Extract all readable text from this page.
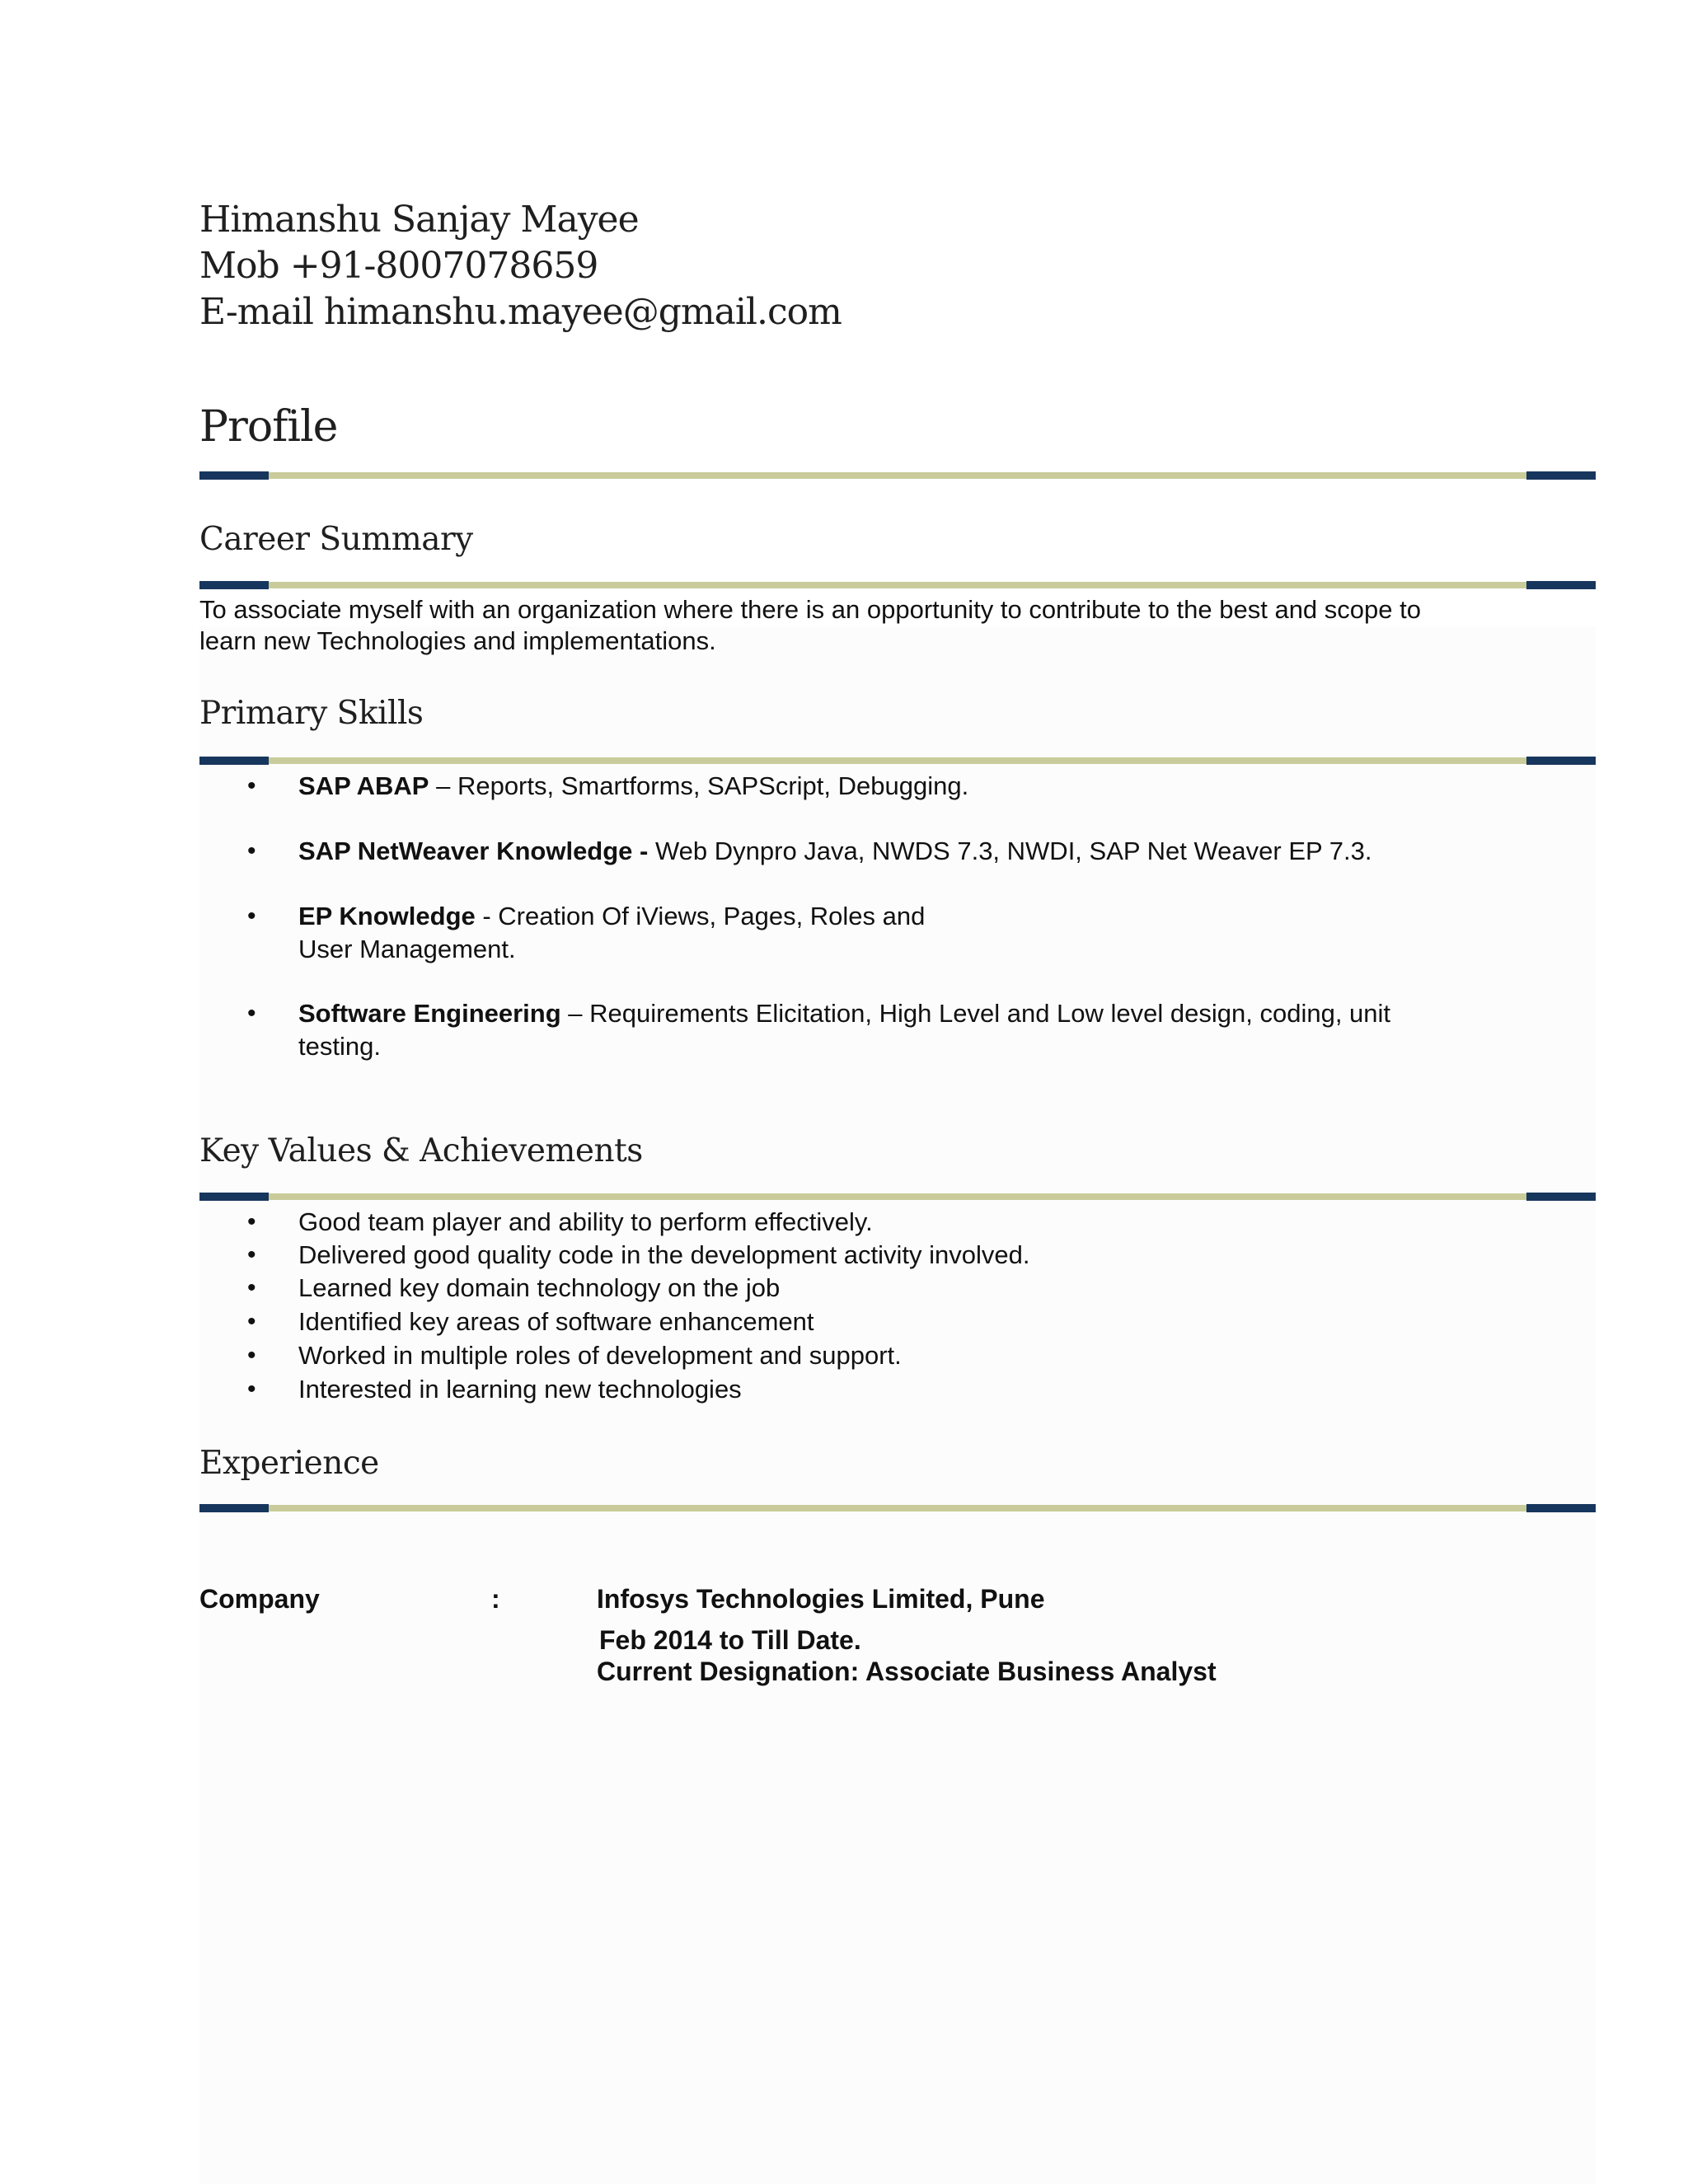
Himanshu Sanjay Mayee
Mob +91-8007078659
E-mail himanshu.mayee@gmail.com
Profile
Career Summary
To associate myself with an organization where there is an opportunity to contribute to the best and scope to learn new Technologies and implementations.
Primary Skills
• SAP ABAP – Reports, Smartforms, SAPScript, Debugging.
• SAP NetWeaver Knowledge - Web Dynpro Java, NWDS 7.3, NWDI, SAP Net Weaver EP 7.3.
• EP Knowledge - Creation Of iViews, Pages, Roles and User Management.
• Software Engineering – Requirements Elicitation, High Level and Low level design, coding, unit testing.
Key Values & Achievements
• Good team player and ability to perform effectively.
• Delivered good quality code in the development activity involved.
• Learned key domain technology on the job
• Identified key areas of software enhancement
• Worked in multiple roles of development and support.
• Interested in learning new technologies
Experience
Company	:	Infosys Technologies Limited, Pune
Feb 2014 to Till Date.
Current Designation: Associate Business Analyst
